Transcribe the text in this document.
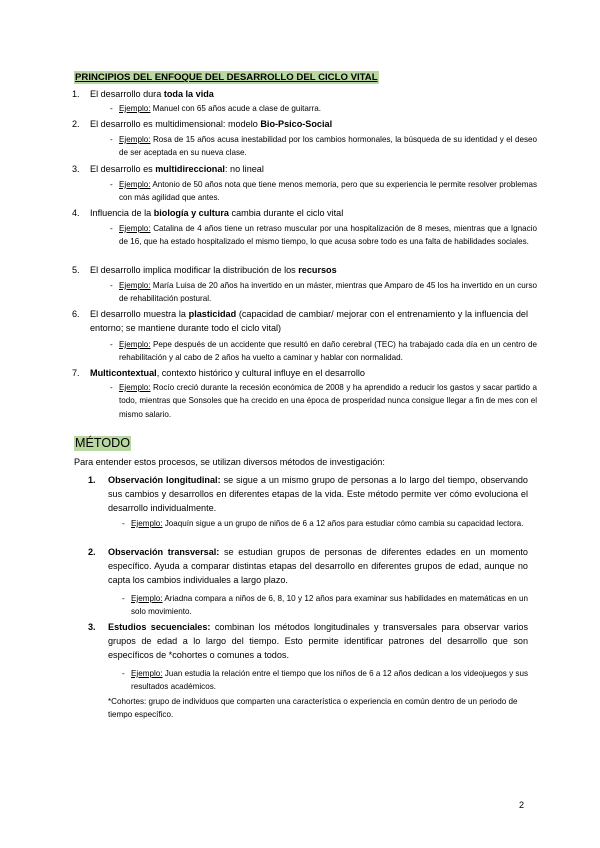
PRINCIPIOS DEL ENFOQUE DEL DESARROLLO DEL CICLO VITAL
1. El desarrollo dura toda la vida
- Ejemplo: Manuel con 65 años acude a clase de guitarra.
2. El desarrollo es multidimensional: modelo Bio-Psico-Social
- Ejemplo: Rosa de 15 años acusa inestabilidad por los cambios hormonales, la búsqueda de su identidad y el deseo de ser aceptada en su nueva clase.
3. El desarrollo es multidireccional: no lineal
- Ejemplo: Antonio de 50 años nota que tiene menos memoria, pero que su experiencia le permite resolver problemas con más agilidad que antes.
4. Influencia de la biología y cultura cambia durante el ciclo vital
- Ejemplo: Catalina de 4 años tiene un retraso muscular por una hospitalización de 8 meses, mientras que a Ignacio de 16, que ha estado hospitalizado el mismo tiempo, lo que acusa sobre todo es una falta de habilidades sociales.
5. El desarrollo implica modificar la distribución de los recursos
- Ejemplo: María Luisa de 20 años ha invertido en un máster, mientras que Amparo de 45 los ha invertido en un curso de rehabilitación postural.
6. El desarrollo muestra la plasticidad (capacidad de cambiar/ mejorar con el entrenamiento y la influencia del entorno; se mantiene durante todo el ciclo vital)
- Ejemplo: Pepe después de un accidente que resultó en daño cerebral (TEC) ha trabajado cada día en un centro de rehabilitación y al cabo de 2 años ha vuelto a caminar y hablar con normalidad.
7. Multicontextual, contexto histórico y cultural influye en el desarrollo
- Ejemplo: Rocío creció durante la recesión económica de 2008 y ha aprendido a reducir los gastos y sacar partido a todo, mientras que Sonsoles que ha crecido en una época de prosperidad nunca consigue llegar a fin de mes con el mismo salario.
MÉTODO
Para entender estos procesos, se utilizan diversos métodos de investigación:
1. Observación longitudinal: se sigue a un mismo grupo de personas a lo largo del tiempo, observando sus cambios y desarrollos en diferentes etapas de la vida. Este método permite ver cómo evoluciona el desarrollo individualmente.
- Ejemplo: Joaquín sigue a un grupo de niños de 6 a 12 años para estudiar cómo cambia su capacidad lectora.
2. Observación transversal: se estudian grupos de personas de diferentes edades en un momento específico. Ayuda a comparar distintas etapas del desarrollo en diferentes grupos de edad, aunque no capta los cambios individuales a largo plazo.
- Ejemplo: Ariadna compara a niños de 6, 8, 10 y 12 años para examinar sus habilidades en matemáticas en un solo movimiento.
3. Estudios secuenciales: combinan los métodos longitudinales y transversales para observar varios grupos de edad a lo largo del tiempo. Esto permite identificar patrones del desarrollo que son específicos de *cohortes o comunes a todos.
- Ejemplo: Juan estudia la relación entre el tiempo que los niños de 6 a 12 años dedican a los videojuegos y sus resultados académicos.
*Cohortes: grupo de individuos que comparten una característica o experiencia en común dentro de un periodo de tiempo específico.
2
